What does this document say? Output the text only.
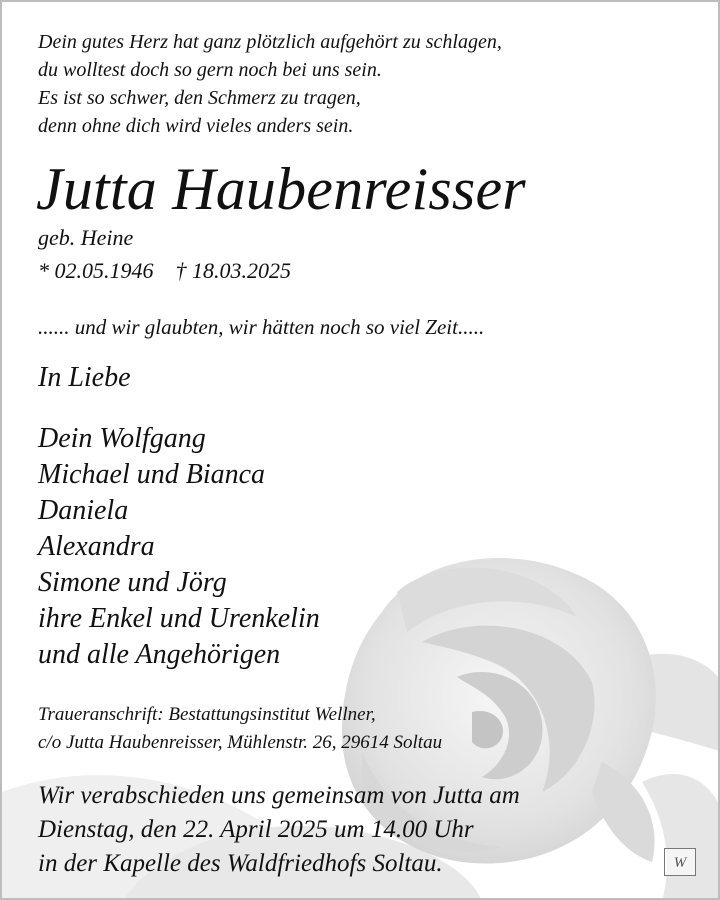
Dein gutes Herz hat ganz plötzlich aufgehört zu schlagen,
du wolltest doch so gern noch bei uns sein.
Es ist so schwer, den Schmerz zu tragen,
denn ohne dich wird vieles anders sein.
Jutta Haubenreisser
geb. Heine
* 02.05.1946 † 18.03.2025
...... und wir glaubten, wir hätten noch so viel Zeit.....
In Liebe
Dein Wolfgang
Michael und Bianca
Daniela
Alexandra
Simone und Jörg
ihre Enkel und Urenkelin
und alle Angehörigen
Traueranschrift: Bestattungsinstitut Wellner,
c/o Jutta Haubenreisser, Mühlenstr. 26, 29614 Soltau
Wir verabschieden uns gemeinsam von Jutta am
Dienstag, den 22. April 2025 um 14.00 Uhr
in der Kapelle des Waldfriedhofs Soltau.	W
